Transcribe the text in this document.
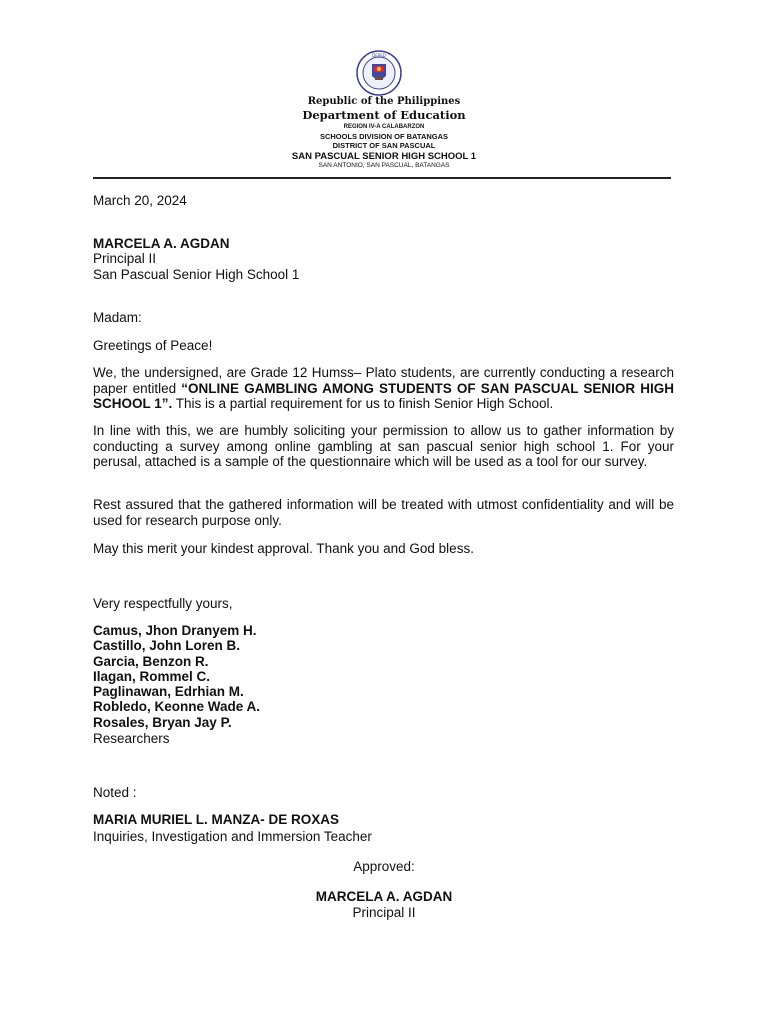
DEPED
Republic of the Philippines
Department of Education
REGION IV-A CALABARZON
SCHOOLS DIVISION OF BATANGAS
DISTRICT OF SAN PASCUAL
SAN PASCUAL SENIOR HIGH SCHOOL 1
SAN ANTONIO, SAN PASCUAL, BATANGAS
March 20, 2024
MARCELA A. AGDAN
Principal II
San Pascual Senior High School 1
Madam:
Greetings of Peace!
We, the undersigned, are Grade 12 Humss– Plato students, are currently conducting a research paper entitled “ONLINE GAMBLING AMONG STUDENTS OF SAN PASCUAL SENIOR HIGH SCHOOL 1”. This is a partial requirement for us to finish Senior High School.
In line with this, we are humbly soliciting your permission to allow us to gather information by conducting a survey among online gambling at san pascual senior high school 1. For your perusal, attached is a sample of the questionnaire which will be used as a tool for our survey.
Rest assured that the gathered information will be treated with utmost confidentiality and will be used for research purpose only.
May this merit your kindest approval. Thank you and God bless.
Very respectfully yours,
Camus, Jhon Dranyem H.
Castillo, John Loren B.
Garcia, Benzon R.
Ilagan, Rommel C.
Paglinawan, Edrhian M.
Robledo, Keonne Wade A.
Rosales, Bryan Jay P.
Researchers
Noted :
MARIA MURIEL L. MANZA- DE ROXAS
Inquiries, Investigation and Immersion Teacher
Approved:
MARCELA A. AGDAN
Principal II
